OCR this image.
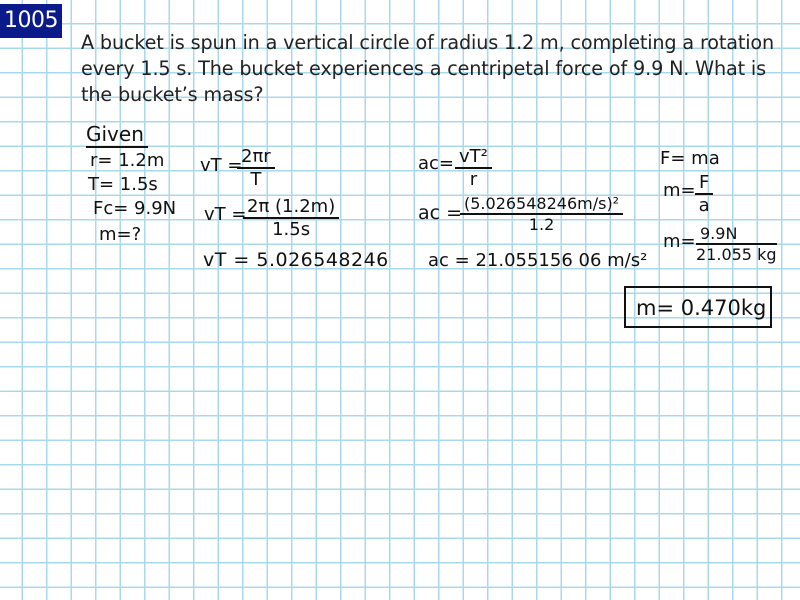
1005
A bucket is spun in a vertical circle of radius 1.2 m, completing a rotation every 1.5 s. The bucket experiences a centripetal force of 9.9 N. What is the bucket’s mass?
Given
r= 1.2m
T= 1.5s
Fc= 9.9N
m=?
vT =
$\frac{2\pi r}{T}$
vT =
$\frac{2\pi (1.2m)}{1.5s}$
vT = 5.026548246
$ac= \frac{\text{vT²}}{r}$
ac =
$\frac{\text{(5.026548246m/s)²}}{1.2}$
ac = 21.055156 06 m/s²
F= ma
$m= \frac{F}{a}$
$m= \frac{9.9N}{21.055 kg}$
m= 0.470kg
